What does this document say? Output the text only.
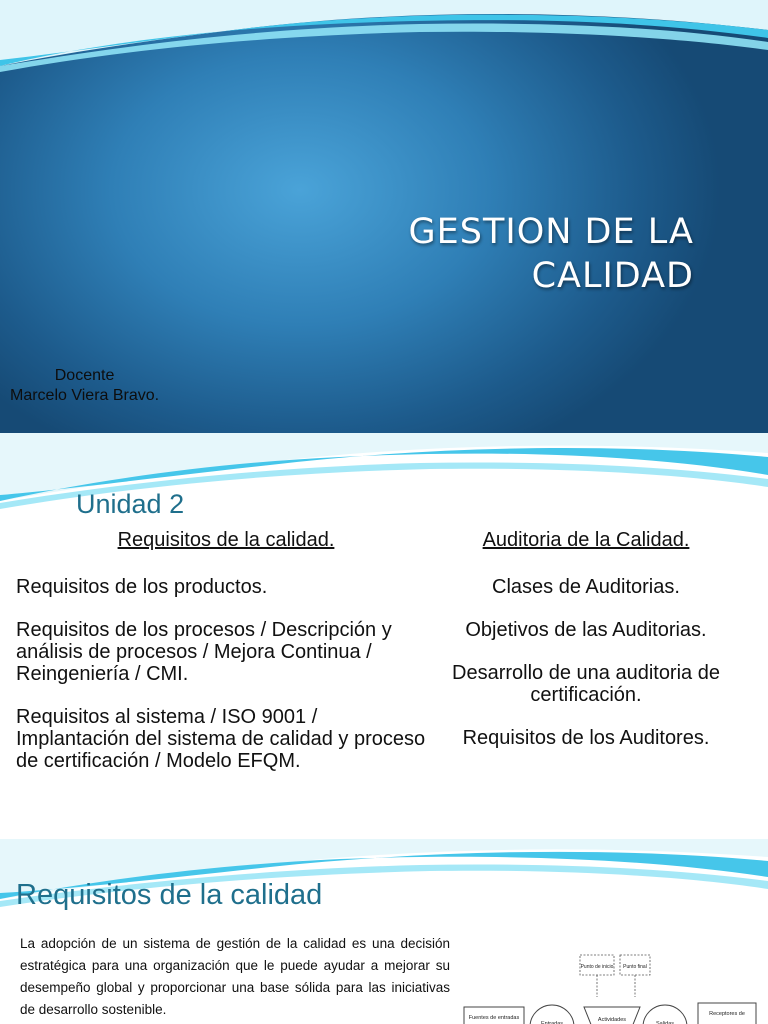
GESTION DE LA
CALIDAD
Docente
Marcelo Viera Bravo.
Unidad 2
Requisitos de la calidad.
Requisitos de los productos.
Requisitos de los procesos / Descripción y análisis de procesos / Mejora Continua / Reingeniería / CMI.
Requisitos al sistema / ISO 9001 / Implantación del sistema de calidad y proceso de certificación / Modelo EFQM.
Auditoria de la Calidad.
Clases de Auditorias.
Objetivos de las Auditorias.
Desarrollo de una auditoria de certificación.
Requisitos de los Auditores.
Requisitos de la calidad
La adopción de un sistema de gestión de la calidad es una decisión estratégica para una organización que le puede ayudar a mejorar su desempeño global y proporcionar una base sólida para las iniciativas de desarrollo sostenible.
Punto de inicio Punto final
Fuentes de entradas
Entradas
Actividades
Salidas
Receptores de
